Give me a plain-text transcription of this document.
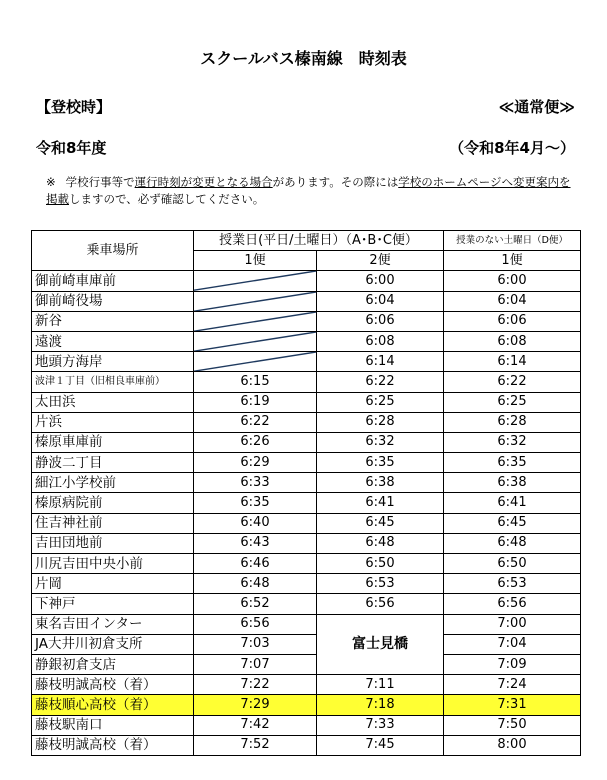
スクールバス榛南線　時刻表
【登校時】	≪通常便≫
令和8年度	（令和8年4月～）
※ 学校行事等で運行時刻が変更となる場合があります。その際には学校のホームページへ変更案内を掲載しますので、必ず確認してください。
乗車場所	授業日(平日/土曜日）（A･B･C便）		授業のない土曜日（D便）
	1便	2便	1便
御前崎車庫前		6:00	6:00
御前崎役場		6:04	6:04
新谷		6:06	6:06
遠渡		6:08	6:08
地頭方海岸		6:14	6:14
波津１丁目（旧相良車庫前）	6:15	6:22	6:22
太田浜	6:19	6:25	6:25
片浜	6:22	6:28	6:28
榛原車庫前	6:26	6:32	6:32
静波二丁目	6:29	6:35	6:35
細江小学校前	6:33	6:38	6:38
榛原病院前	6:35	6:41	6:41
住吉神社前	6:40	6:45	6:45
吉田団地前	6:43	6:48	6:48
川尻吉田中央小前	6:46	6:50	6:50
片岡	6:48	6:53	6:53
下神戸	6:52	6:56	6:56
東名吉田インター	6:56	富士見橋	7:00
JA大井川初倉支所	7:03		7:04
静銀初倉支店	7:07		7:09
藤枝明誠高校（着）	7:22	7:11	7:24
藤枝順心高校（着）	7:29	7:18	7:31
藤枝駅南口	7:42	7:33	7:50
藤枝明誠高校（着）	7:52	7:45	8:00
